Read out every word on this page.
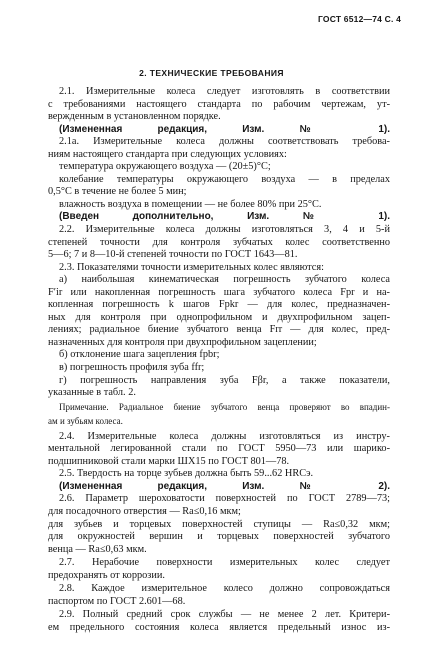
ГОСТ 6512—74 С. 4
2. ТЕХНИЧЕСКИЕ ТРЕБОВАНИЯ

2.1. Измерительные колеса следует изготовлять в соответствии

с требованиями настоящего стандарта по рабочим чертежам, ут-

вержденным в установленном порядке.

(Измененная редакция, Изм. № 1).

2.1а. Измерительные колеса должны соответствовать требова-

ниям настоящего стандарта при следующих условиях:

температура окружающего воздуха — (20±5)°С;

колебание температуры окружающего воздуха — в пределах

0,5°С в течение не более 5 мин;

влажность воздуха в помещении — не более 80% при 25°С.

(Введен дополнительно, Изм. № 1).

2.2. Измерительные колеса должны изготовляться 3, 4 и 5-й

степеней точности для контроля зубчатых колес соответственно

5—6; 7 и 8—10-й степеней точности по ГОСТ 1643—81.

2.3. Показателями точности измерительных колес являются:

а) наибольшая кинематическая погрешность зубчатого колеса

F′ir или накопленная погрешность шага зубчатого колеса Fpr и на-

копленная погрешность k шагов Fpkr — для колес, предназначен-

ных для контроля при однопрофильном и двухпрофильном зацеп-

лениях; радиальное биение зубчатого венца Frr — для колес, пред-

назначенных для контроля при двухпрофильном зацеплении;

б) отклонение шага зацепления fpbr;

в) погрешность профиля зуба ffr;

г) погрешность направления зуба Fβr, а также показатели,

указанные в табл. 2.

Примечание. Радиальное биение зубчатого венца проверяют во впадин-

ам и зубьям колеса.

2.4. Измерительные колеса должны изготовляться из инстру-

ментальной легированной стали по ГОСТ 5950—73 или шарико-

подшипниковой стали марки ШХ15 по ГОСТ 801—78.

2.5. Твердость на торце зубьев должна быть 59...62 HRCэ.

(Измененная редакция, Изм. № 2).

2.6. Параметр шероховатости поверхностей по ГОСТ 2789—73;

для посадочного отверстия — Ra≤0,16 мкм;

для зубьев и торцевых поверхностей ступицы — Ra≤0,32 мкм;

для окружностей вершин и торцевых поверхностей зубчатого

венца — Ra≤0,63 мкм.

2.7. Нерабочие поверхности измерительных колес следует

предохранять от коррозии.

2.8. Каждое измерительное колесо должно сопровождаться

паспортом по ГОСТ 2.601—68.

2.9. Полный средний срок службы — не менее 2 лет. Критери-

ем предельного состояния колеса является предельный износ из-
